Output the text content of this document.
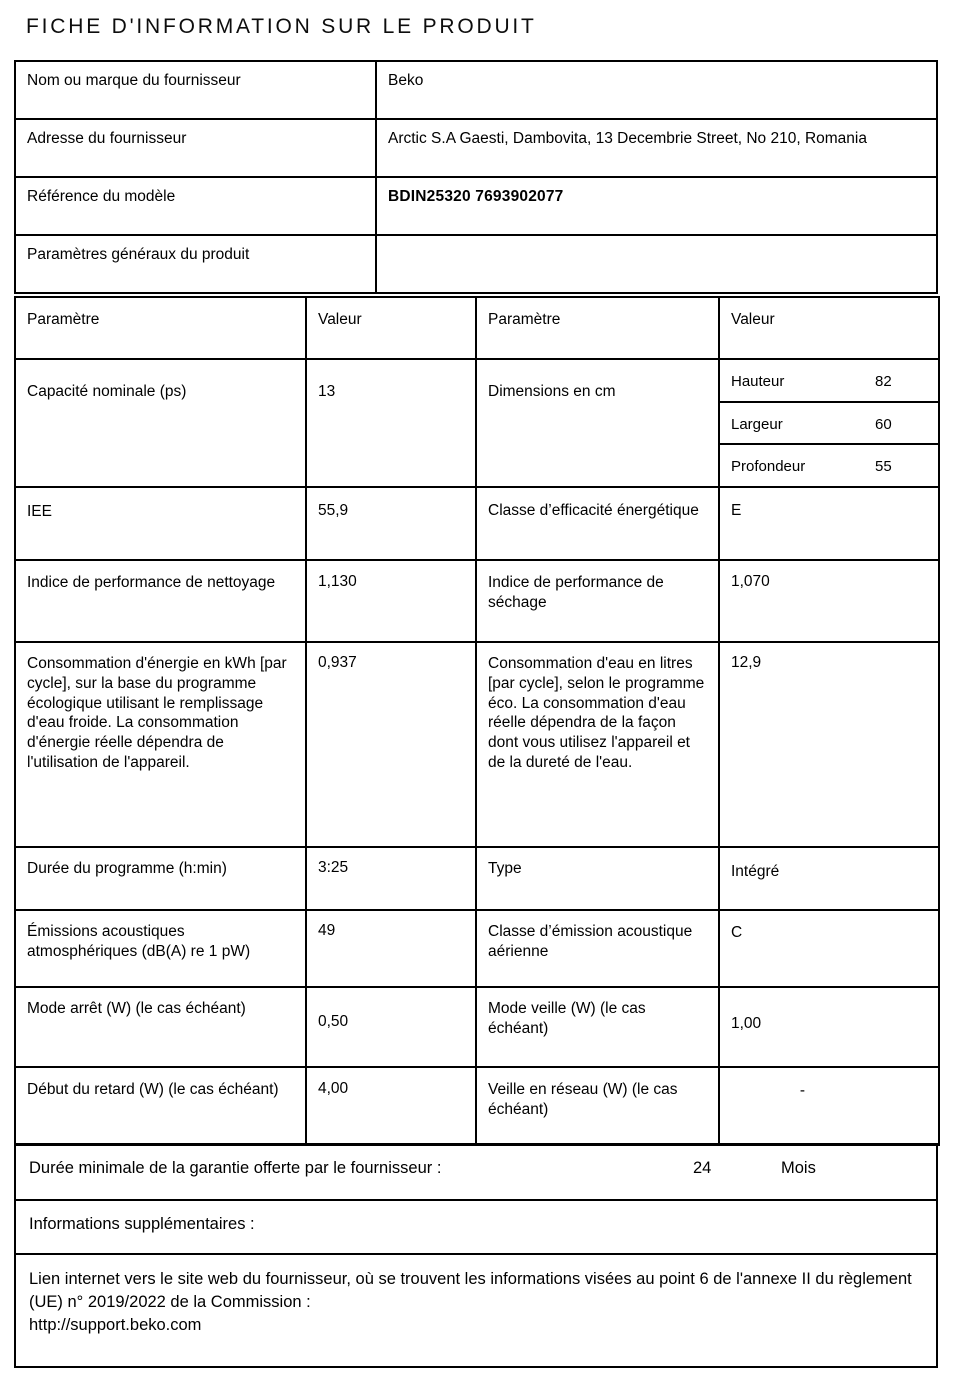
FICHE D'INFORMATION SUR LE PRODUIT
Nom ou marque du fournisseur	Beko
Adresse du fournisseur	Arctic S.A Gaesti, Dambovita, 13 Decembrie Street, No 210, Romania
Référence du modèle	BDIN25320 7693902077
Paramètres généraux du produit	
Paramètre	Valeur	Paramètre	Valeur
Capacité nominale (ps)	13	Dimensions en cm	
Hauteur	82
Largeur	60
Profondeur	55

IEE	55,9	Classe d’efficacité énergétique	E
Indice de performance de nettoyage	1,130	Indice de performance de séchage	1,070
Consommation d'énergie en kWh [par cycle], sur la base du programme écologique utilisant le remplissage d'eau froide. La consommation d'énergie réelle dépendra de l'utilisation de l'appareil.	0,937	Consommation d'eau en litres [par cycle], selon le programme éco. La consommation d'eau réelle dépendra de la façon dont vous utilisez l'appareil et de la dureté de l'eau.	12,9
Durée du programme (h:min)	3:25	Type	Intégré
Émissions acoustiques atmosphériques (dB(A) re 1 pW)	49	Classe d’émission acoustique aérienne	C
Mode arrêt (W) (le cas échéant)	0,50	Mode veille (W) (le cas échéant)	1,00
Début du retard (W) (le cas échéant)	4,00	Veille en réseau (W) (le cas échéant)	-
Durée minimale de la garantie offerte par le fournisseur :	24	Mois

Informations supplémentaires :
Lien internet vers le site web du fournisseur, où se trouvent les informations visées au point 6 de l'annexe II du règlement (UE) n° 2019/2022 de la Commission :
http://support.beko.com
